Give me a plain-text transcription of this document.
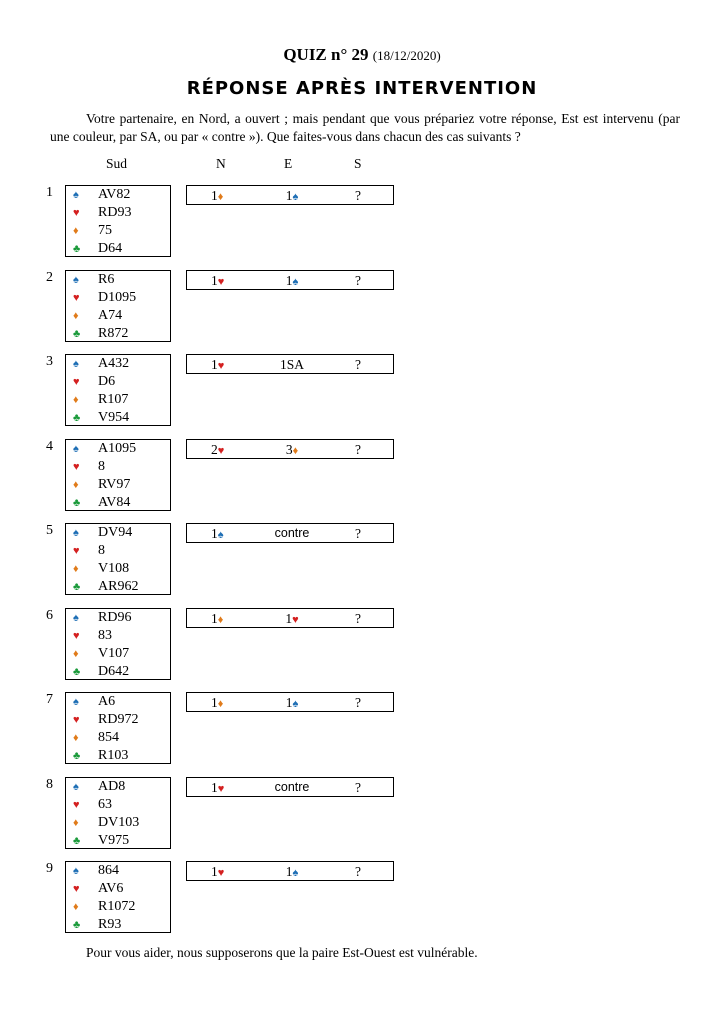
QUIZ n° 29 (18/12/2020)
RÉPONSE APRÈS INTERVENTION
Votre partenaire, en Nord, a ouvert ; mais pendant que vous prépariez votre réponse, Est est intervenu (par une couleur, par SA, ou par « contre »). Que faites-vous dans chacun des cas suivants ?
Sud	N	E	S
1 ♠ AV82
♥ RD93
♦ 75
♣ D64
1♦	1♠	?
2 ♠ R6
♥ D1095
♦ A74
♣ R872
1♥	1♠	?
3 ♠ A432
♥ D6
♦ R107
♣ V954
1♥	1SA	?
4 ♠ A1095
♥ 8
♦ RV97
♣ AV84
2♥	3♦	?
5 ♠ DV94
♥ 8
♦ V108
♣ AR962
1♠	contre	?
6 ♠ RD96
♥ 83
♦ V107
♣ D642
1♦	1♥	?
7 ♠ A6
♥ RD972
♦ 854
♣ R103
1♦	1♠	?
8 ♠ AD8
♥ 63
♦ DV103
♣ V975
1♥	contre	?
9 ♠ 864
♥ AV6
♦ R1072
♣ R93
1♥	1♠	?
Pour vous aider, nous supposerons que la paire Est-Ouest est vulnérable.
